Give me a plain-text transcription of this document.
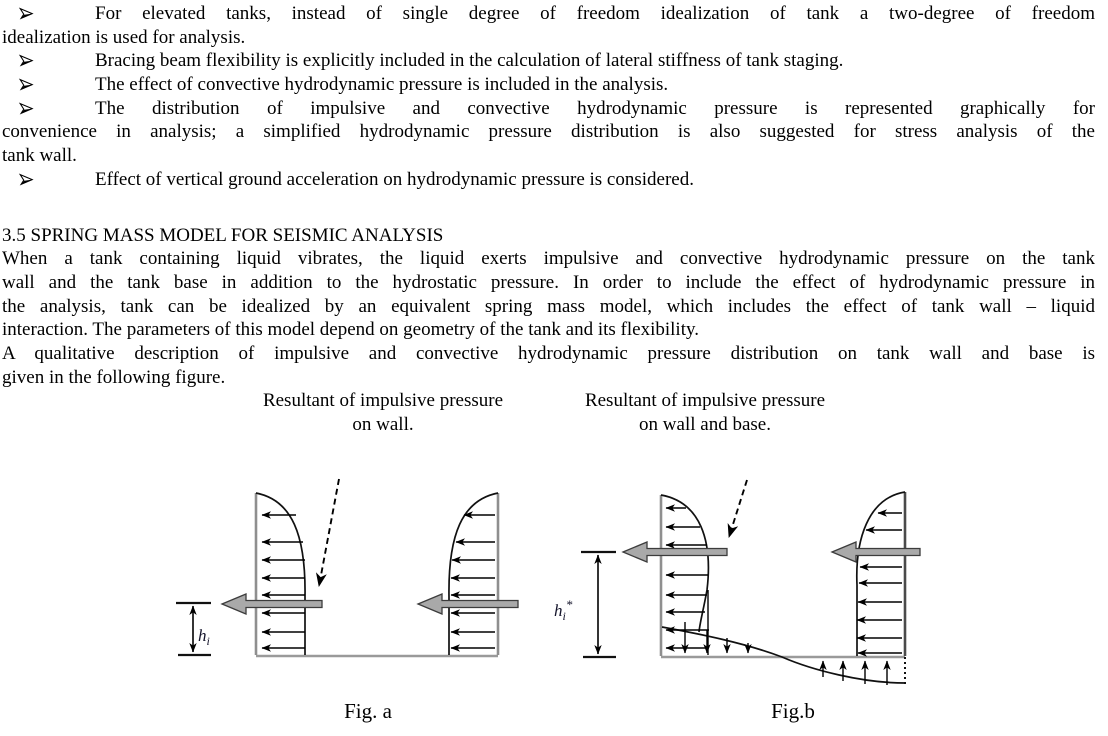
For elevated tanks, instead of single degree of freedom idealization of tank a two-degree of freedom
idealization is used for analysis.
Bracing beam flexibility is explicitly included in the calculation of lateral stiffness of tank staging.
The effect of convective hydrodynamic pressure is included in the analysis.
The distribution of impulsive and convective hydrodynamic pressure is represented graphically for
convenience in analysis; a simplified hydrodynamic pressure distribution is also suggested for stress analysis of the
tank wall.
Effect of vertical ground acceleration on hydrodynamic pressure is considered.
3.5 SPRING MASS MODEL FOR SEISMIC ANALYSIS
When a tank containing liquid vibrates, the liquid exerts impulsive and convective hydrodynamic pressure on the tank
wall and the tank base in addition to the hydrostatic pressure. In order to include the effect of hydrodynamic pressure in
the analysis, tank can be idealized by an equivalent spring mass model, which includes the effect of tank wall – liquid
interaction. The parameters of this model depend on geometry of the tank and its flexibility.
A qualitative description of impulsive and convective hydrodynamic pressure distribution on tank wall and base is
given in the following figure.
Resultant of impulsive pressure
on wall.
Resultant of impulsive pressure
on wall and base.
$h_i$
Fig. a
$h_i^*$
Fig.b
